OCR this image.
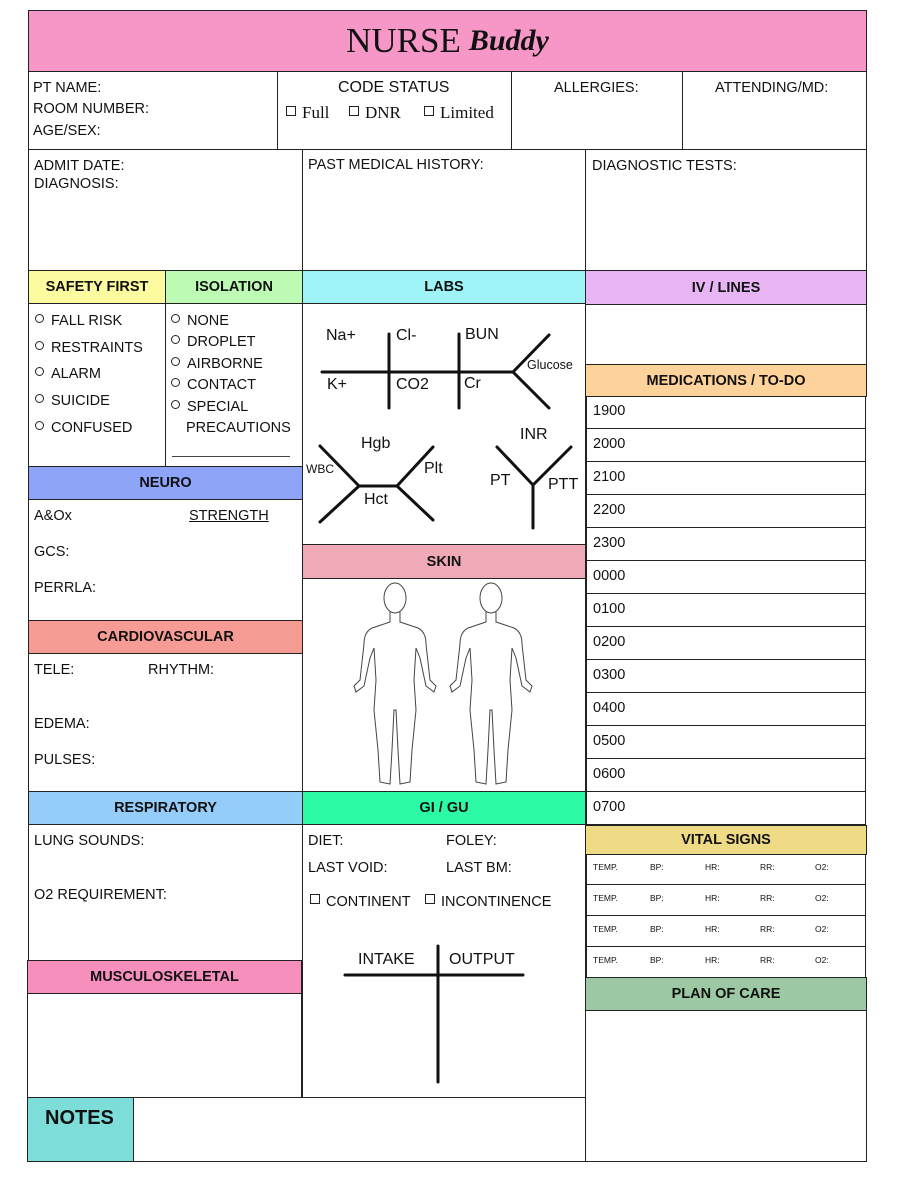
NURSE Buddy
PT NAME:
ROOM NUMBER:
AGE/SEX:
CODE STATUS
Full	DNR	Limited
ALLERGIES:	ATTENDING/MD:
ADMIT DATE:
DIAGNOSIS:
PAST MEDICAL HISTORY:	DIAGNOSTIC TESTS:
SAFETY FIRST
FALL RISK
RESTRAINTS
ALARM
SUICIDE
CONFUSED
ISOLATION
NONE
DROPLET
AIRBORNE
CONTACT
SPECIAL
PRECAUTIONS
LABS
Na+	Cl-	BUN
K+	CO2 Cr
Glucose
Hgb
WBC	Plt
Hct
INR
PT PTT
IV / LINES
MEDICATIONS / TO-DO
1900
2000
2100
2200
2300
0000
0100
0200
0300
0400
0500
0600
0700
NEURO
A&Ox	STRENGTH
GCS:
PERRLA:
SKIN
CARDIOVASCULAR
TELE:	RHYTHM:
EDEMA:
PULSES:
RESPIRATORY
LUNG SOUNDS:
O2 REQUIREMENT:
GI / GU
DIET:	FOLEY:
LAST VOID:	LAST BM:
CONTINENT	INCONTINENCE
INTAKE OUTPUT
VITAL SIGNS
TEMP.	BP:	HR:	RR:	O2:
TEMP.	BP:	HR:	RR:	O2:
TEMP.	BP:	HR:	RR:	O2:
TEMP.	BP:	HR:	RR:	O2:
PLAN OF CARE
MUSCULOSKELETAL
NOTES
